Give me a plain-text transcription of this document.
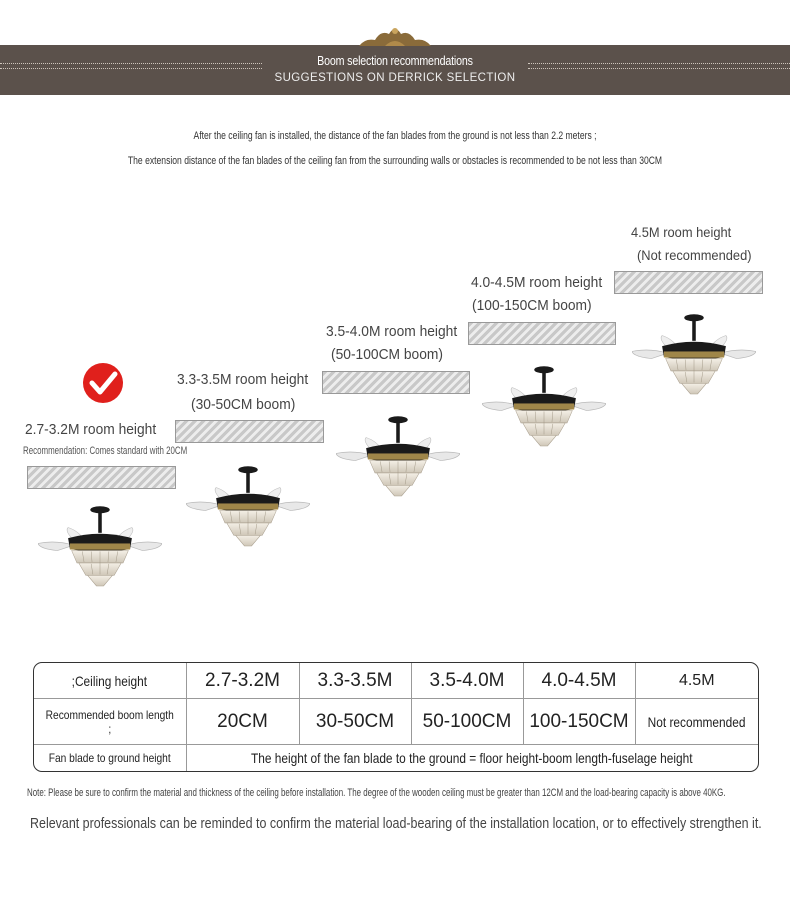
Boom selection recommendations
SUGGESTIONS ON DERRICK SELECTION
After the ceiling fan is installed, the distance of the fan blades from the ground is not less than 2.2 meters ;
The extension distance of the fan blades of the ceiling fan from the surrounding walls or obstacles is recommended to be not less than 30CM
2.7-3.2M room height
Recommendation: Comes standard with 20CM
3.3-3.5M room height
(30-50CM boom)
3.5-4.0M room height
(50-100CM boom)
4.0-4.5M room height
(100-150CM boom)
4.5M room height
(Not recommended)
;Ceiling height	2.7-3.2M	3.3-3.5M	3.5-4.0M	4.0-4.5M	4.5M
Recommended boom length ;	20CM	30-50CM	50-100CM	100-150CM	Not recommended
Fan blade to ground height	The height of the fan blade to the ground = floor height-boom length-fuselage height				
Note: Please be sure to confirm the material and thickness of the ceiling before installation. The degree of the wooden ceiling must be greater than 12CM and the load-bearing capacity is above 40KG.
Relevant professionals can be reminded to confirm the material load-bearing of the installation location, or to effectively strengthen it.
